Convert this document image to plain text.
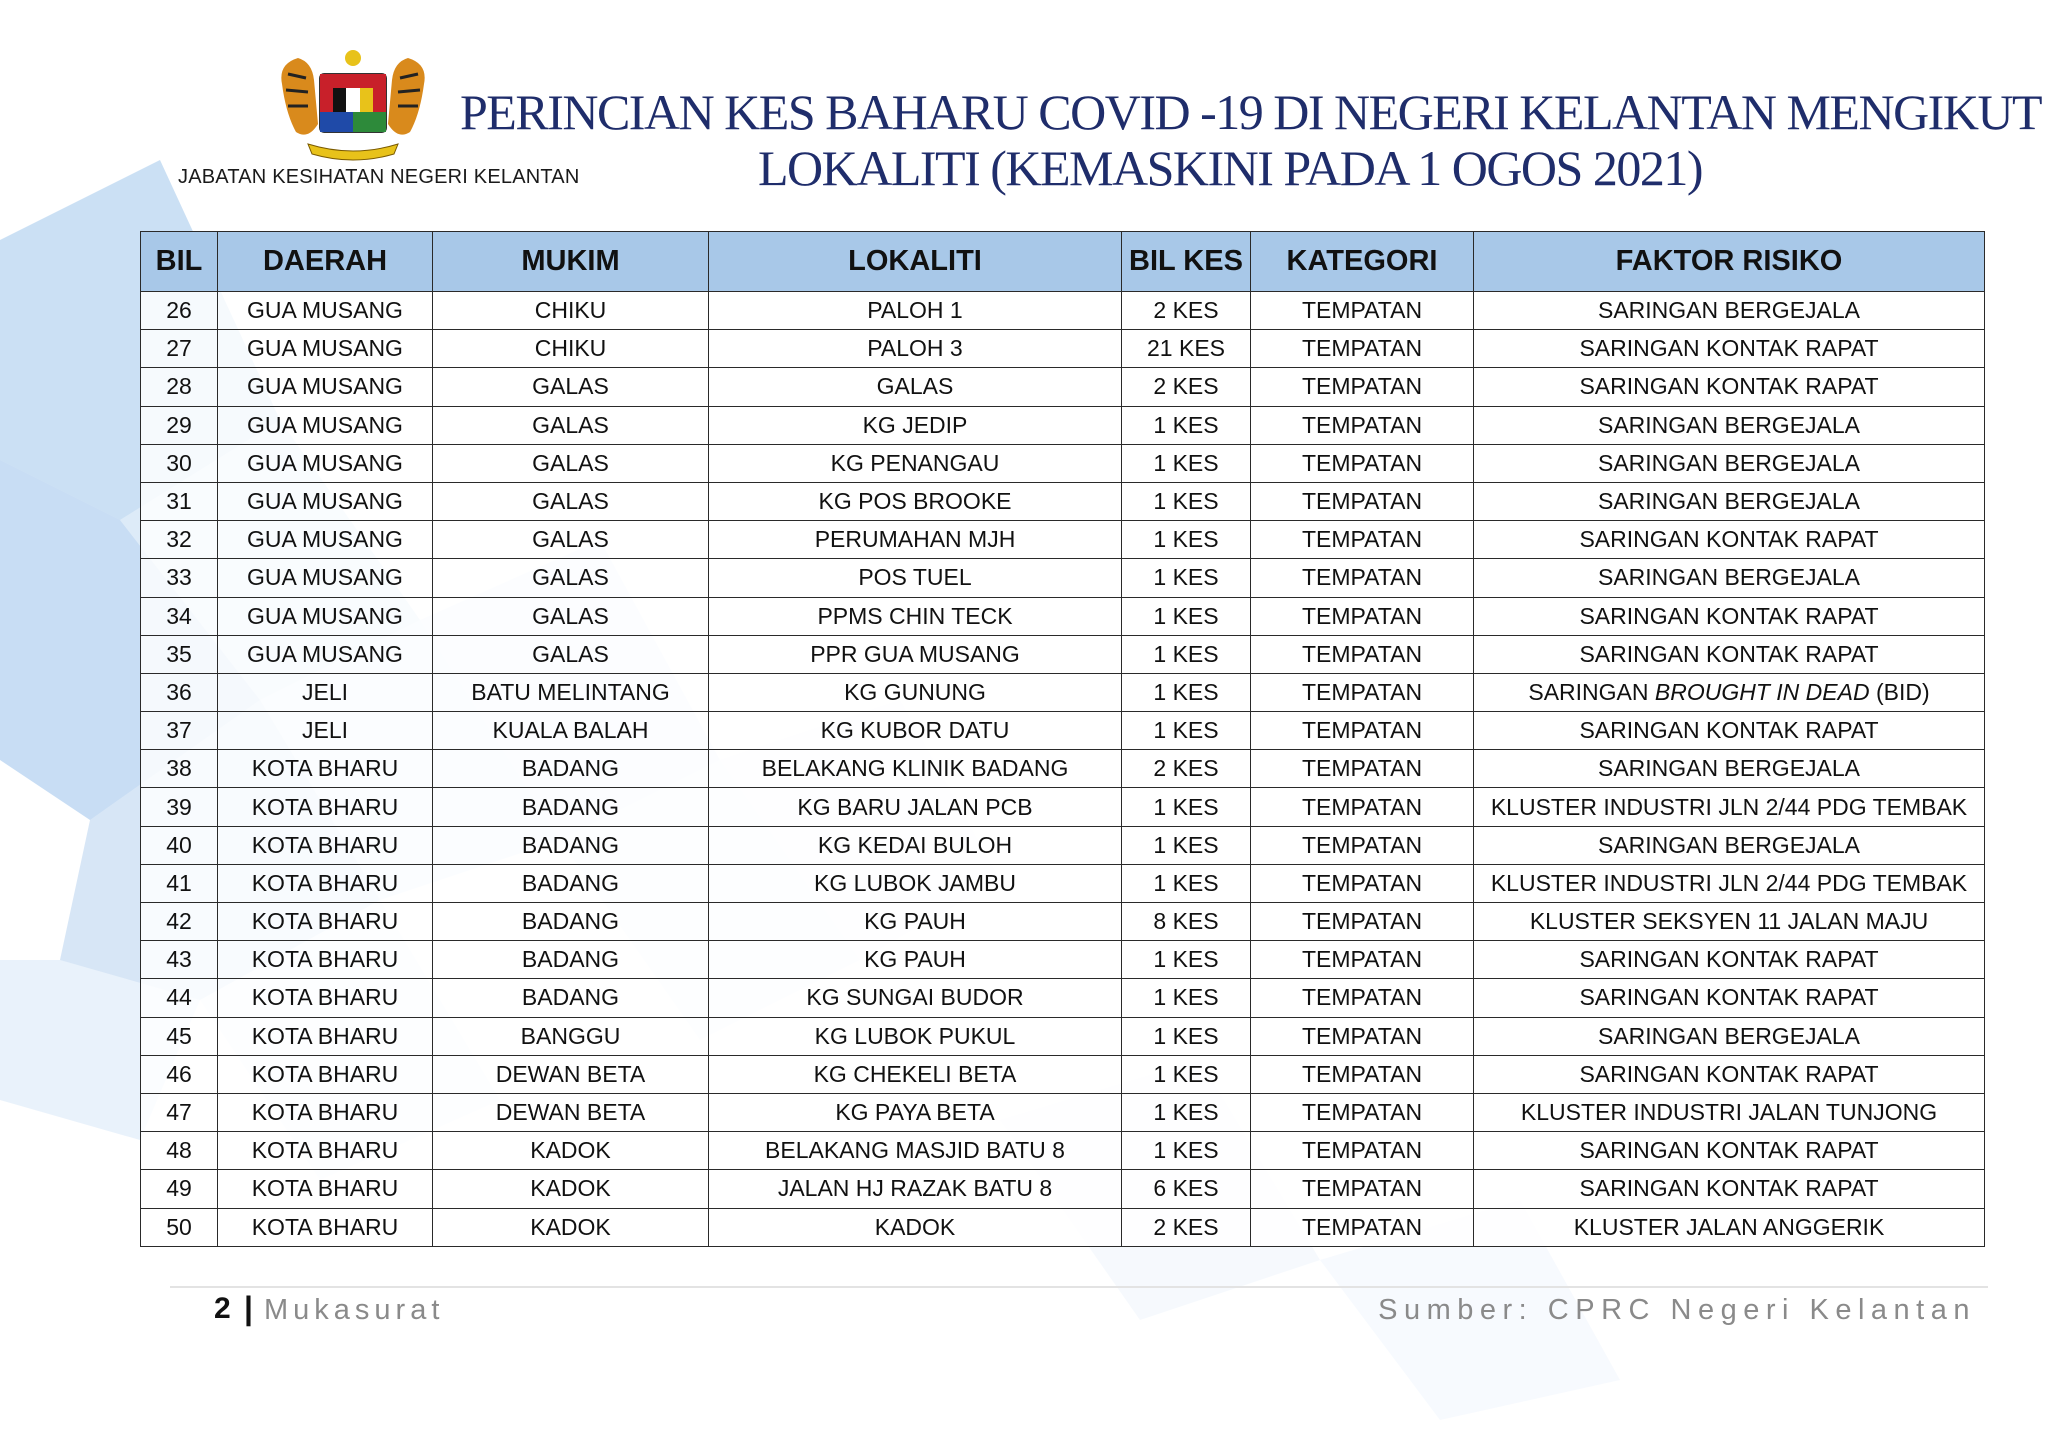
JABATAN KESIHATAN NEGERI KELANTAN
PERINCIAN KES BAHARU COVID -19 DI NEGERI KELANTAN MENGIKUT
LOKALITI (KEMASKINI PADA 1 OGOS 2021)
BIL	DAERAH	MUKIM	LOKALITI	BIL KES	KATEGORI	FAKTOR RISIKO
26	GUA MUSANG	CHIKU	PALOH 1	2 KES	TEMPATAN	SARINGAN BERGEJALA
27	GUA MUSANG	CHIKU	PALOH 3	21 KES	TEMPATAN	SARINGAN KONTAK RAPAT
28	GUA MUSANG	GALAS	GALAS	2 KES	TEMPATAN	SARINGAN KONTAK RAPAT
29	GUA MUSANG	GALAS	KG JEDIP	1 KES	TEMPATAN	SARINGAN BERGEJALA
30	GUA MUSANG	GALAS	KG PENANGAU	1 KES	TEMPATAN	SARINGAN BERGEJALA
31	GUA MUSANG	GALAS	KG POS BROOKE	1 KES	TEMPATAN	SARINGAN BERGEJALA
32	GUA MUSANG	GALAS	PERUMAHAN MJH	1 KES	TEMPATAN	SARINGAN KONTAK RAPAT
33	GUA MUSANG	GALAS	POS TUEL	1 KES	TEMPATAN	SARINGAN BERGEJALA
34	GUA MUSANG	GALAS	PPMS CHIN TECK	1 KES	TEMPATAN	SARINGAN KONTAK RAPAT
35	GUA MUSANG	GALAS	PPR GUA MUSANG	1 KES	TEMPATAN	SARINGAN KONTAK RAPAT
36	JELI	BATU MELINTANG	KG GUNUNG	1 KES	TEMPATAN	SARINGAN BROUGHT IN DEAD (BID)
37	JELI	KUALA BALAH	KG KUBOR DATU	1 KES	TEMPATAN	SARINGAN KONTAK RAPAT
38	KOTA BHARU	BADANG	BELAKANG KLINIK BADANG	2 KES	TEMPATAN	SARINGAN BERGEJALA
39	KOTA BHARU	BADANG	KG BARU JALAN PCB	1 KES	TEMPATAN	KLUSTER INDUSTRI JLN 2/44 PDG TEMBAK
40	KOTA BHARU	BADANG	KG KEDAI BULOH	1 KES	TEMPATAN	SARINGAN BERGEJALA
41	KOTA BHARU	BADANG	KG LUBOK JAMBU	1 KES	TEMPATAN	KLUSTER INDUSTRI JLN 2/44 PDG TEMBAK
42	KOTA BHARU	BADANG	KG PAUH	8 KES	TEMPATAN	KLUSTER SEKSYEN 11 JALAN MAJU
43	KOTA BHARU	BADANG	KG PAUH	1 KES	TEMPATAN	SARINGAN KONTAK RAPAT
44	KOTA BHARU	BADANG	KG SUNGAI BUDOR	1 KES	TEMPATAN	SARINGAN KONTAK RAPAT
45	KOTA BHARU	BANGGU	KG LUBOK PUKUL	1 KES	TEMPATAN	SARINGAN BERGEJALA
46	KOTA BHARU	DEWAN BETA	KG CHEKELI BETA	1 KES	TEMPATAN	SARINGAN KONTAK RAPAT
47	KOTA BHARU	DEWAN BETA	KG PAYA BETA	1 KES	TEMPATAN	KLUSTER INDUSTRI JALAN TUNJONG
48	KOTA BHARU	KADOK	BELAKANG MASJID BATU 8	1 KES	TEMPATAN	SARINGAN KONTAK RAPAT
49	KOTA BHARU	KADOK	JALAN HJ RAZAK BATU 8	6 KES	TEMPATAN	SARINGAN KONTAK RAPAT
50	KOTA BHARU	KADOK	KADOK	2 KES	TEMPATAN	KLUSTER JALAN ANGGERIK
2 | Mukasurat	Sumber: CPRC Negeri Kelantan
